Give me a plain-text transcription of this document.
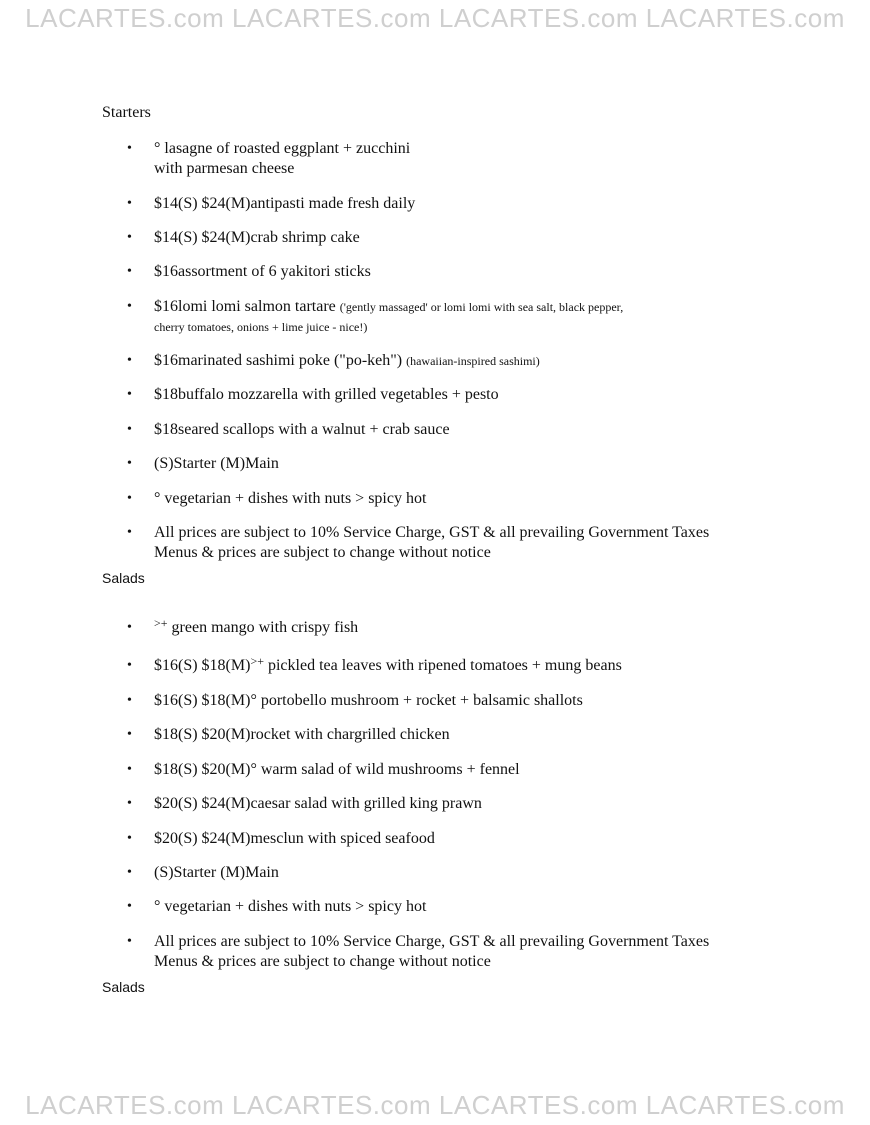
LACARTES.com LACARTES.com LACARTES.com LACARTES.com
Starters
• ° lasagne of roasted eggplant + zucchini
with parmesan cheese
• $14(S) $24(M)antipasti made fresh daily
• $14(S) $24(M)crab shrimp cake
• $16assortment of 6 yakitori sticks
• $16lomi lomi salmon tartare ('gently massaged' or lomi lomi with sea salt, black pepper,
cherry tomatoes, onions + lime juice - nice!)
• $16marinated sashimi poke ("po-keh") (hawaiian-inspired sashimi)
• $18buffalo mozzarella with grilled vegetables + pesto
• $18seared scallops with a walnut + crab sauce
• (S)Starter (M)Main
• ° vegetarian + dishes with nuts > spicy hot
• All prices are subject to 10% Service Charge, GST & all prevailing Government Taxes
Menus & prices are subject to change without notice
Salads
• >+ green mango with crispy fish
• $16(S) $18(M)>+ pickled tea leaves with ripened tomatoes + mung beans
• $16(S) $18(M)° portobello mushroom + rocket + balsamic shallots
• $18(S) $20(M)rocket with chargrilled chicken
• $18(S) $20(M)° warm salad of wild mushrooms + fennel
• $20(S) $24(M)caesar salad with grilled king prawn
• $20(S) $24(M)mesclun with spiced seafood
• (S)Starter (M)Main
• ° vegetarian + dishes with nuts > spicy hot
• All prices are subject to 10% Service Charge, GST & all prevailing Government Taxes
Menus & prices are subject to change without notice
Salads
LACARTES.com LACARTES.com LACARTES.com LACARTES.com
